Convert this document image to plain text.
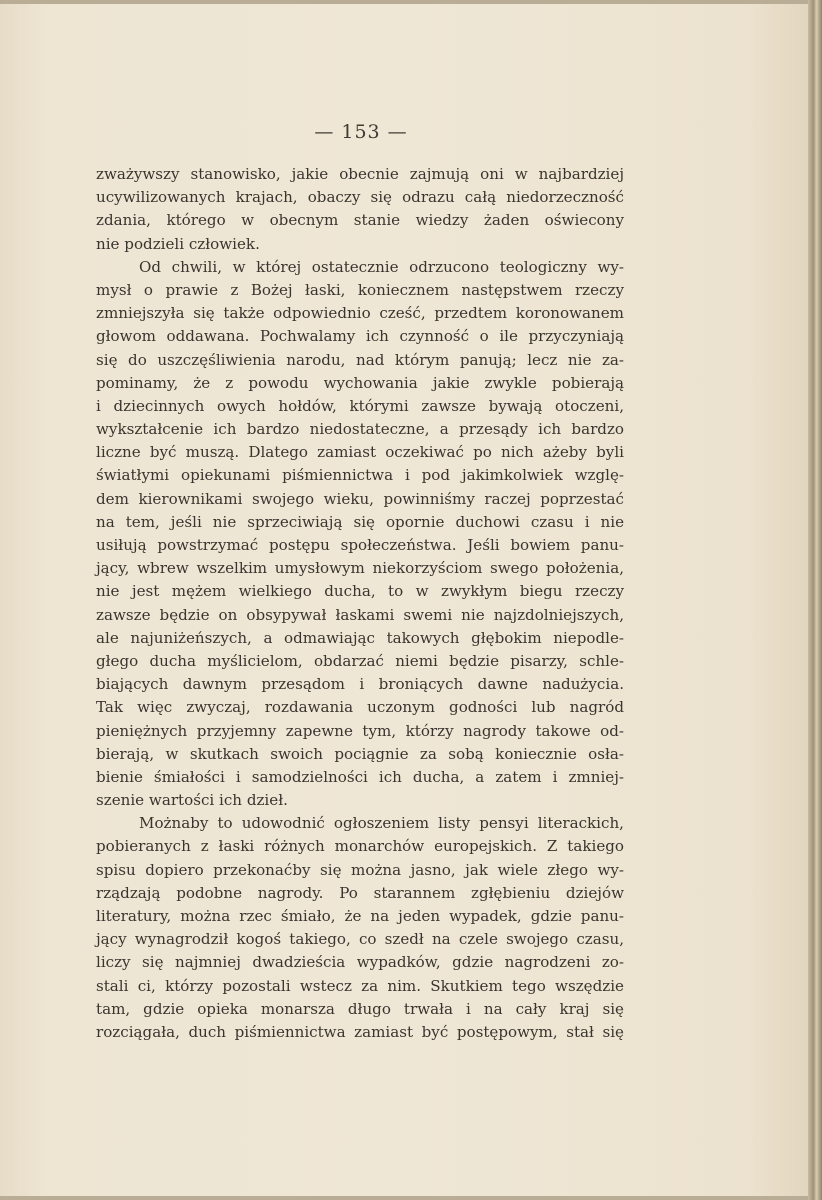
— 153 —
zważywszy stanowisko, jakie obecnie zajmują oni w najbardziej
ucywilizowanych krajach, obaczy się odrazu całą niedorzeczność
zdania, którego w obecnym stanie wiedzy żaden oświecony
nie podzieli człowiek.
Od chwili, w której ostatecznie odrzucono teologiczny wy-
mysł o prawie z Bożej łaski, koniecznem następstwem rzeczy
zmniejszyła się także odpowiednio cześć, przedtem koronowanem
głowom oddawana. Pochwalamy ich czynność o ile przyczyniają
się do uszczęśliwienia narodu, nad którym panują; lecz nie za-
pominamy, że z powodu wychowania jakie zwykle pobierają
i dziecinnych owych hołdów, którymi zawsze bywają otoczeni,
wykształcenie ich bardzo niedostateczne, a przesądy ich bardzo
liczne być muszą. Dlatego zamiast oczekiwać po nich ażeby byli
światłymi opiekunami piśmiennictwa i pod jakimkolwiek wzglę-
dem kierownikami swojego wieku, powinniśmy raczej poprzestać
na tem, jeśli nie sprzeciwiają się opornie duchowi czasu i nie
usiłują powstrzymać postępu społeczeństwa. Jeśli bowiem panu-
jący, wbrew wszelkim umysłowym niekorzyściom swego położenia,
nie jest mężem wielkiego ducha, to w zwykłym biegu rzeczy
zawsze będzie on obsypywał łaskami swemi nie najzdolniejszych,
ale najuniżeńszych, a odmawiając takowych głębokim niepodle-
głego ducha myślicielom, obdarzać niemi będzie pisarzy, schle-
biających dawnym przesądom i broniących dawne nadużycia.
Tak więc zwyczaj, rozdawania uczonym godności lub nagród
pieniężnych przyjemny zapewne tym, którzy nagrody takowe od-
bierają, w skutkach swoich pociągnie za sobą koniecznie osła-
bienie śmiałości i samodzielności ich ducha, a zatem i zmniej-
szenie wartości ich dzieł.
Możnaby to udowodnić ogłoszeniem listy pensyi literackich,
pobieranych z łaski różnych monarchów europejskich. Z takiego
spisu dopiero przekonaćby się można jasno, jak wiele złego wy-
rządzają podobne nagrody. Po starannem zgłębieniu dziejów
literatury, można rzec śmiało, że na jeden wypadek, gdzie panu-
jący wynagrodził kogoś takiego, co szedł na czele swojego czasu,
liczy się najmniej dwadzieścia wypadków, gdzie nagrodzeni zo-
stali ci, którzy pozostali wstecz za nim. Skutkiem tego wszędzie
tam, gdzie opieka monarsza długo trwała i na cały kraj się
rozciągała, duch piśmiennictwa zamiast być postępowym, stał się
